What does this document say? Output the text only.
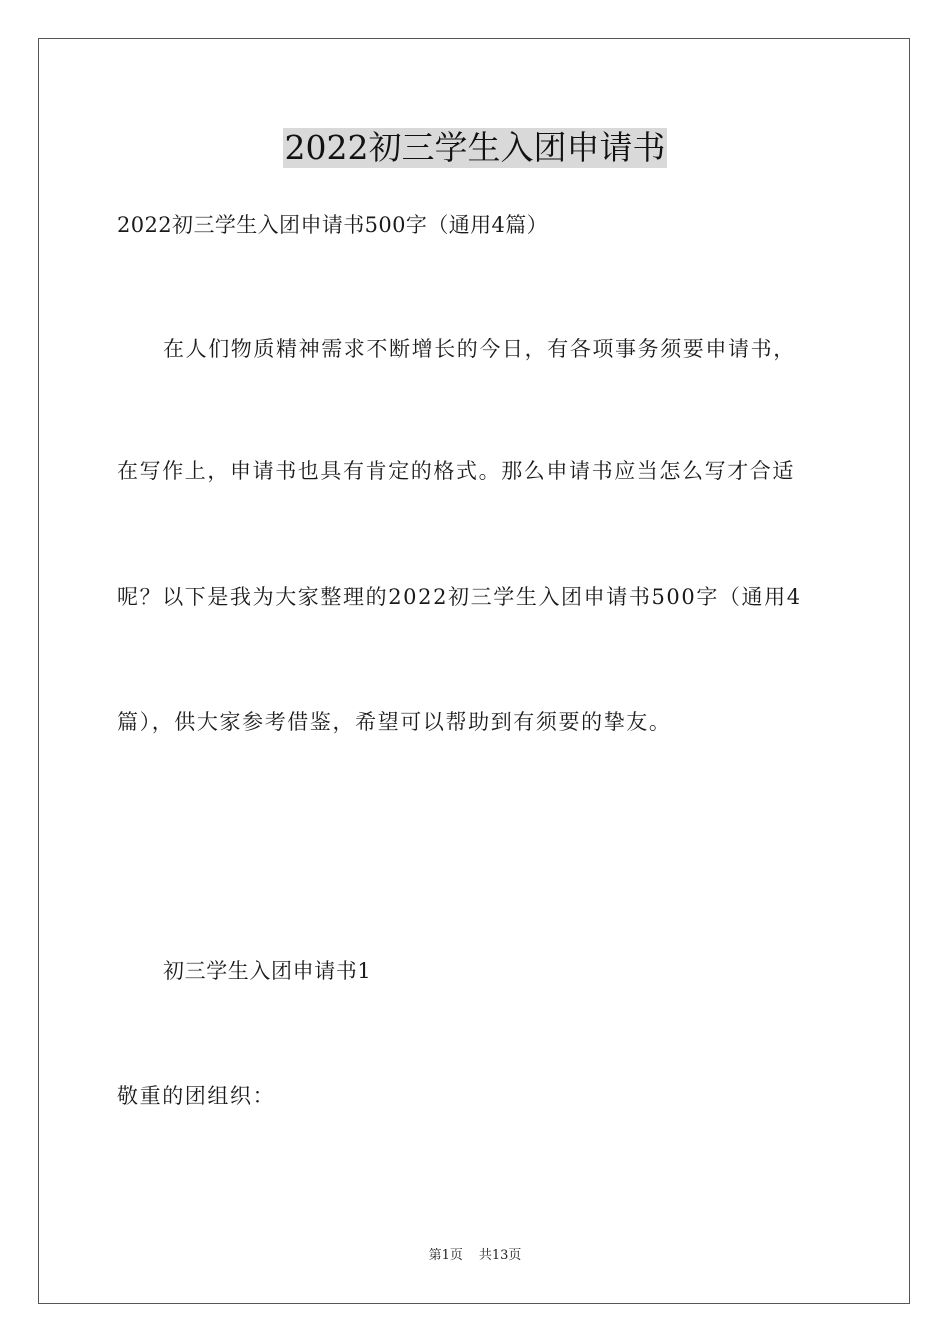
2022初三学生入团申请书
2022初三学生入团申请书500字（通用4篇）
在人们物质精神需求不断增长的今日，有各项事务须要申请书，
在写作上，申请书也具有肯定的格式。那么申请书应当怎么写才合适
呢？以下是我为大家整理的2022初三学生入团申请书500字（通用4
篇），供大家参考借鉴，希望可以帮助到有须要的挚友。
初三学生入团申请书1
敬重的团组织：
第1页 共13页
